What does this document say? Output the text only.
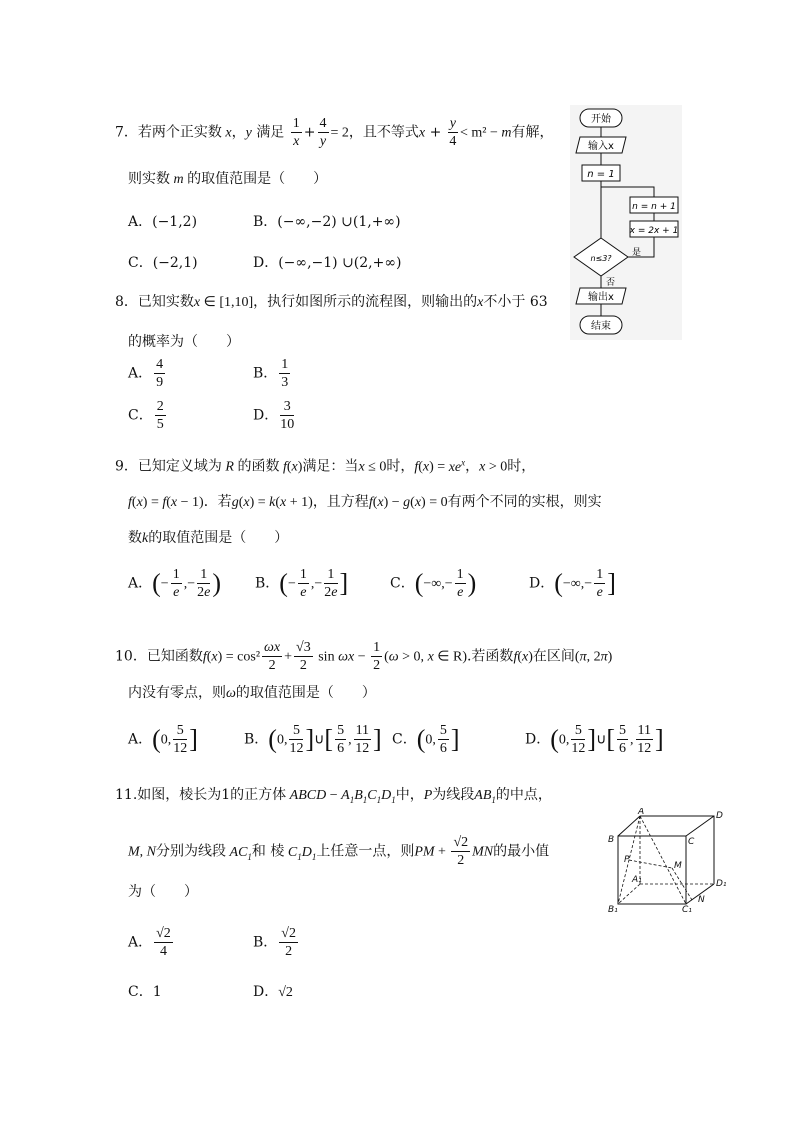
7．若两个正实数 x，y 满足 $\frac{1}{x} + \frac{4}{y} = 2$，且不等式$x + \frac{y}{4} < m^2 - m$有解，
则实数 m 的取值范围是（　　）
A．(−1,2)	B．(−∞,−2) ∪(1,+∞)
C．(−2,1)	D．(−∞,−1) ∪(2,+∞)
开始
输入x
n = 1
n≤3?
x = 2x + 1
n = n + 1
是
否
输出x
结束
8．已知实数x ∈ [1,10]，执行如图所示的流程图，则输出的x不小于 63
的概率为（　　）
A． $\frac{4}{9}$	B． $\frac{1}{3}$
C． $\frac{2}{5}$	D． $\frac{3}{10}$
9．已知定义域为 R 的函数 f(x)满足：当x ≤ 0时，$f(x) = xe^x$，x > 0时，
f(x) = f(x − 1)．若g(x) = k(x + 1)，且方程f(x) − g(x) = 0有两个不同的实根，则实
数k的取值范围是（　　）
A．(− $\frac{1}{e}$ ,− $\frac{1}{2e}$ ) B．(− $\frac{1}{e}$ ,− $\frac{1}{2e}$ ]	C．(−∞,− $\frac{1}{e}$ )	D．(−∞,− $\frac{1}{e}$ ]
10．已知函数$f(x) = \cos^2 \frac{\omega x}{2} + \frac{√3}{2}$ $\sin \omega x - \frac{1}{2} (\omega > 0$, x ∈ R).若函数f(x)在区间(π, 2π)
内没有零点，则ω的取值范围是（　　）
A．(0, $\frac{5}{12}$ ]	B．(0, $\frac{5}{12}$ ]∪[ $\frac{5}{6}$ , $\frac{11}{12}$ ] C．(0, $\frac{5}{6}$ ]	D．(0, $\frac{5}{12}$ ]∪[ $\frac{5}{6}$ , $\frac{11}{12}$ ]
11.如图，棱长为1的正方体 ABCD − $A_1B_1C_1D_1$中，P为线段$AB_1$的中点，
M, N分别为线段 $AC_1$和 棱 $C_1D_1$上任意一点，则PM + $\frac{√2}{2}$ MN的最小值
为（　　）
A． $\frac{√2}{4}$	B． $\frac{√2}{2}$
C．1	D．√2
A	D
B	C
P
M
A₁	D₁
B₁	C₁
N
